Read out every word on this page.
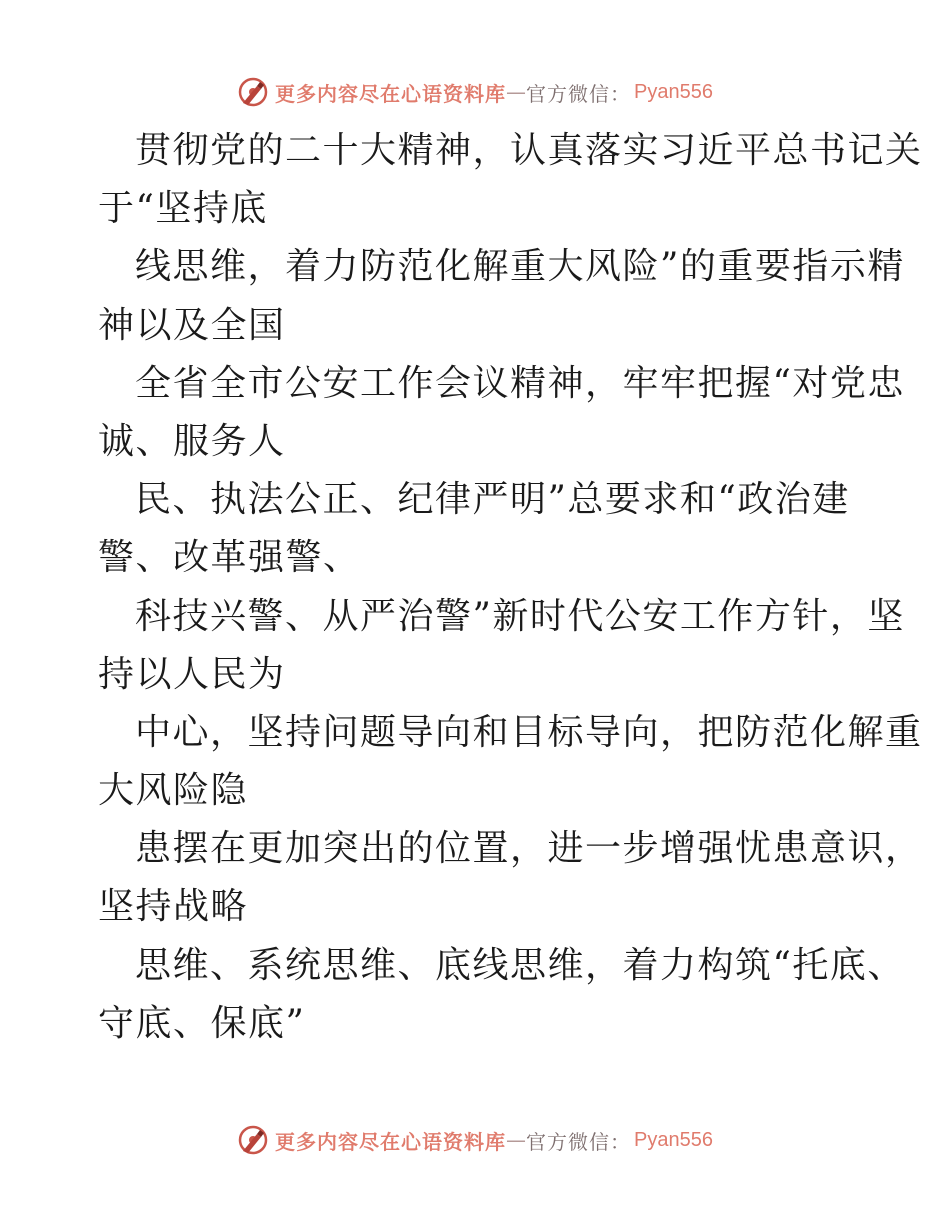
更多内容尽在心语资料库 — 官方微信 ： Pyan556
贯彻党的二十大精神，认真落实习近平总书记关
于“坚持底
线思维，着力防范化解重大风险”的重要指示精
神以及全国
全省全市公安工作会议精神，牢牢把握“对党忠
诚、服务人
民、执法公正、纪律严明”总要求和“政治建
警、改革强警、
科技兴警、从严治警”新时代公安工作方针，坚
持以人民为
中心，坚持问题导向和目标导向，把防范化解重
大风险隐
患摆在更加突出的位置，进一步增强忧患意识，
坚持战略
思维、系统思维、底线思维，着力构筑“托底、
守底、保底”
更多内容尽在心语资料库 — 官方微信 ： Pyan556
